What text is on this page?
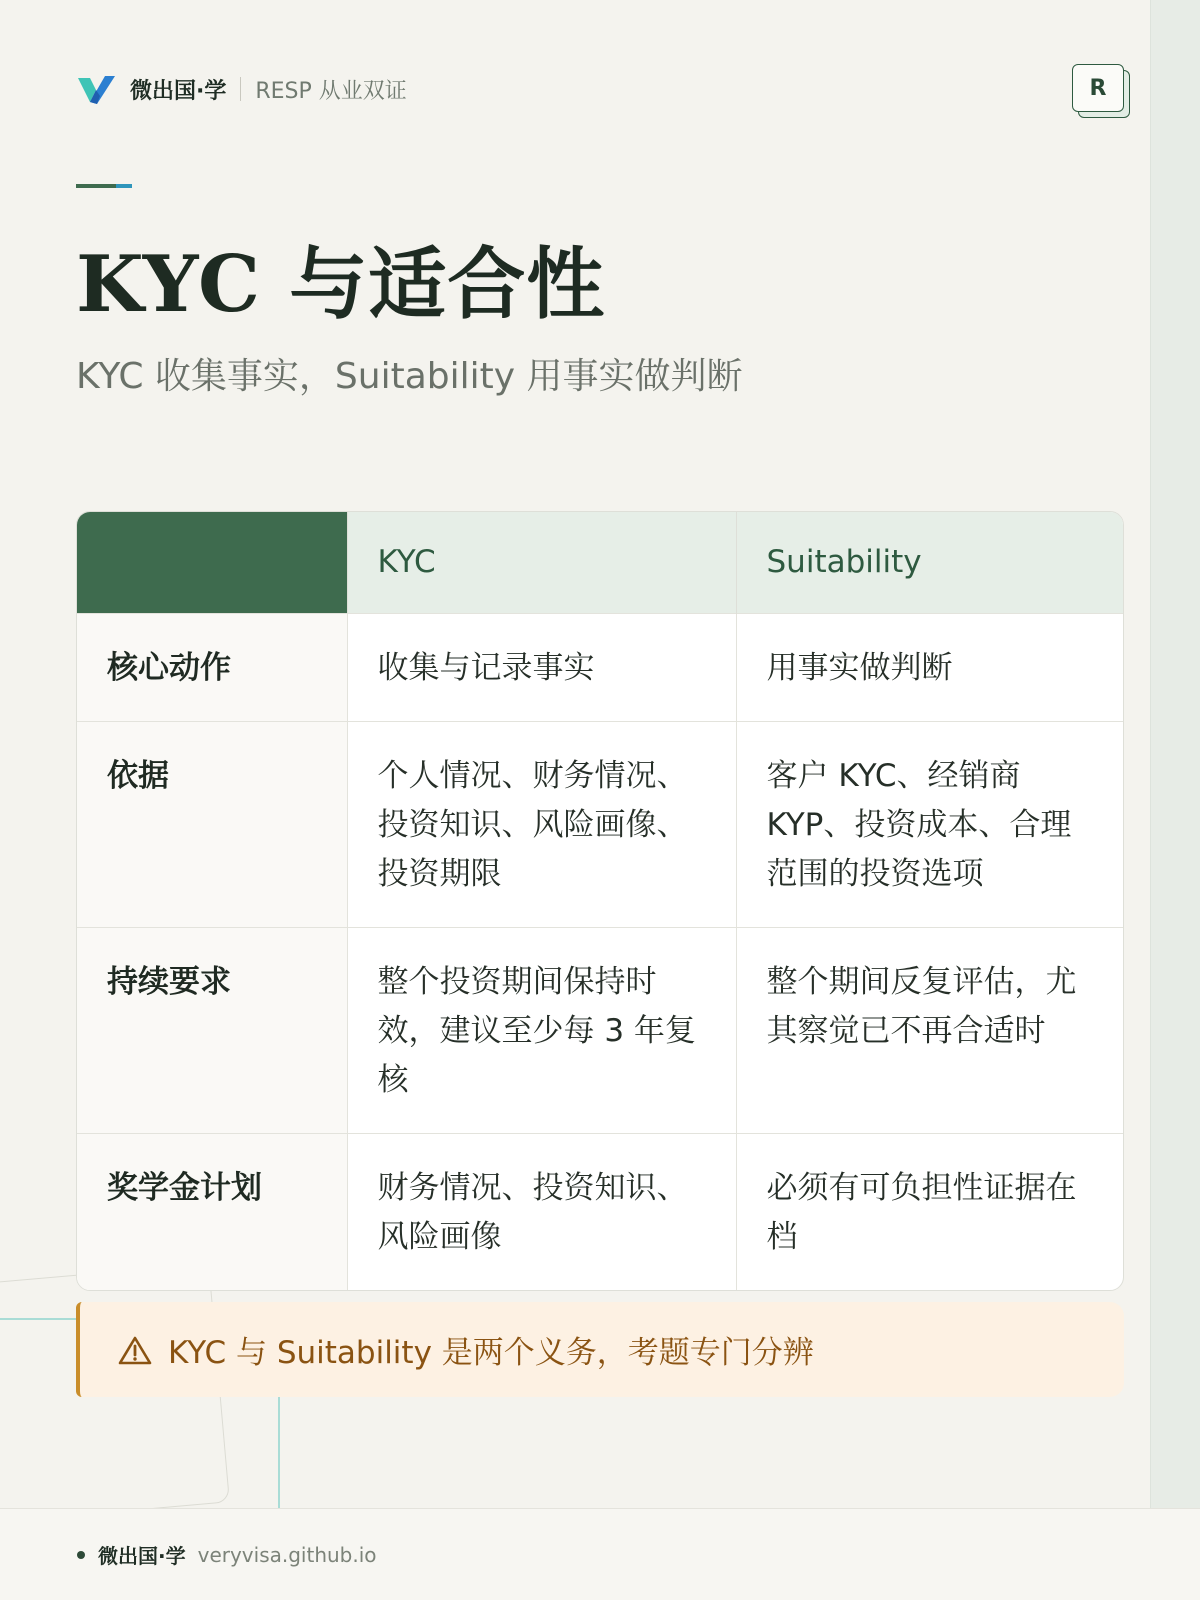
微出国·学 RESP 从业双证	R
KYC 与适合性

KYC 收集事实，Suitability 用事实做判断

	KYC	Suitability
核心动作	收集与记录事实	用事实做判断
依据	个人情况、财务情况、投资知识、风险画像、投资期限	客户 KYC、经销商 KYP、投资成本、合理范围的投资选项
持续要求	整个投资期间保持时效，建议至少每 3 年复核	整个期间反复评估，尤其察觉已不再合适时
奖学金计划	财务情况、投资知识、风险画像	必须有可负担性证据在档
KYC 与 Suitability 是两个义务，考题专门分辨
微出国·学 veryvisa.github.io
